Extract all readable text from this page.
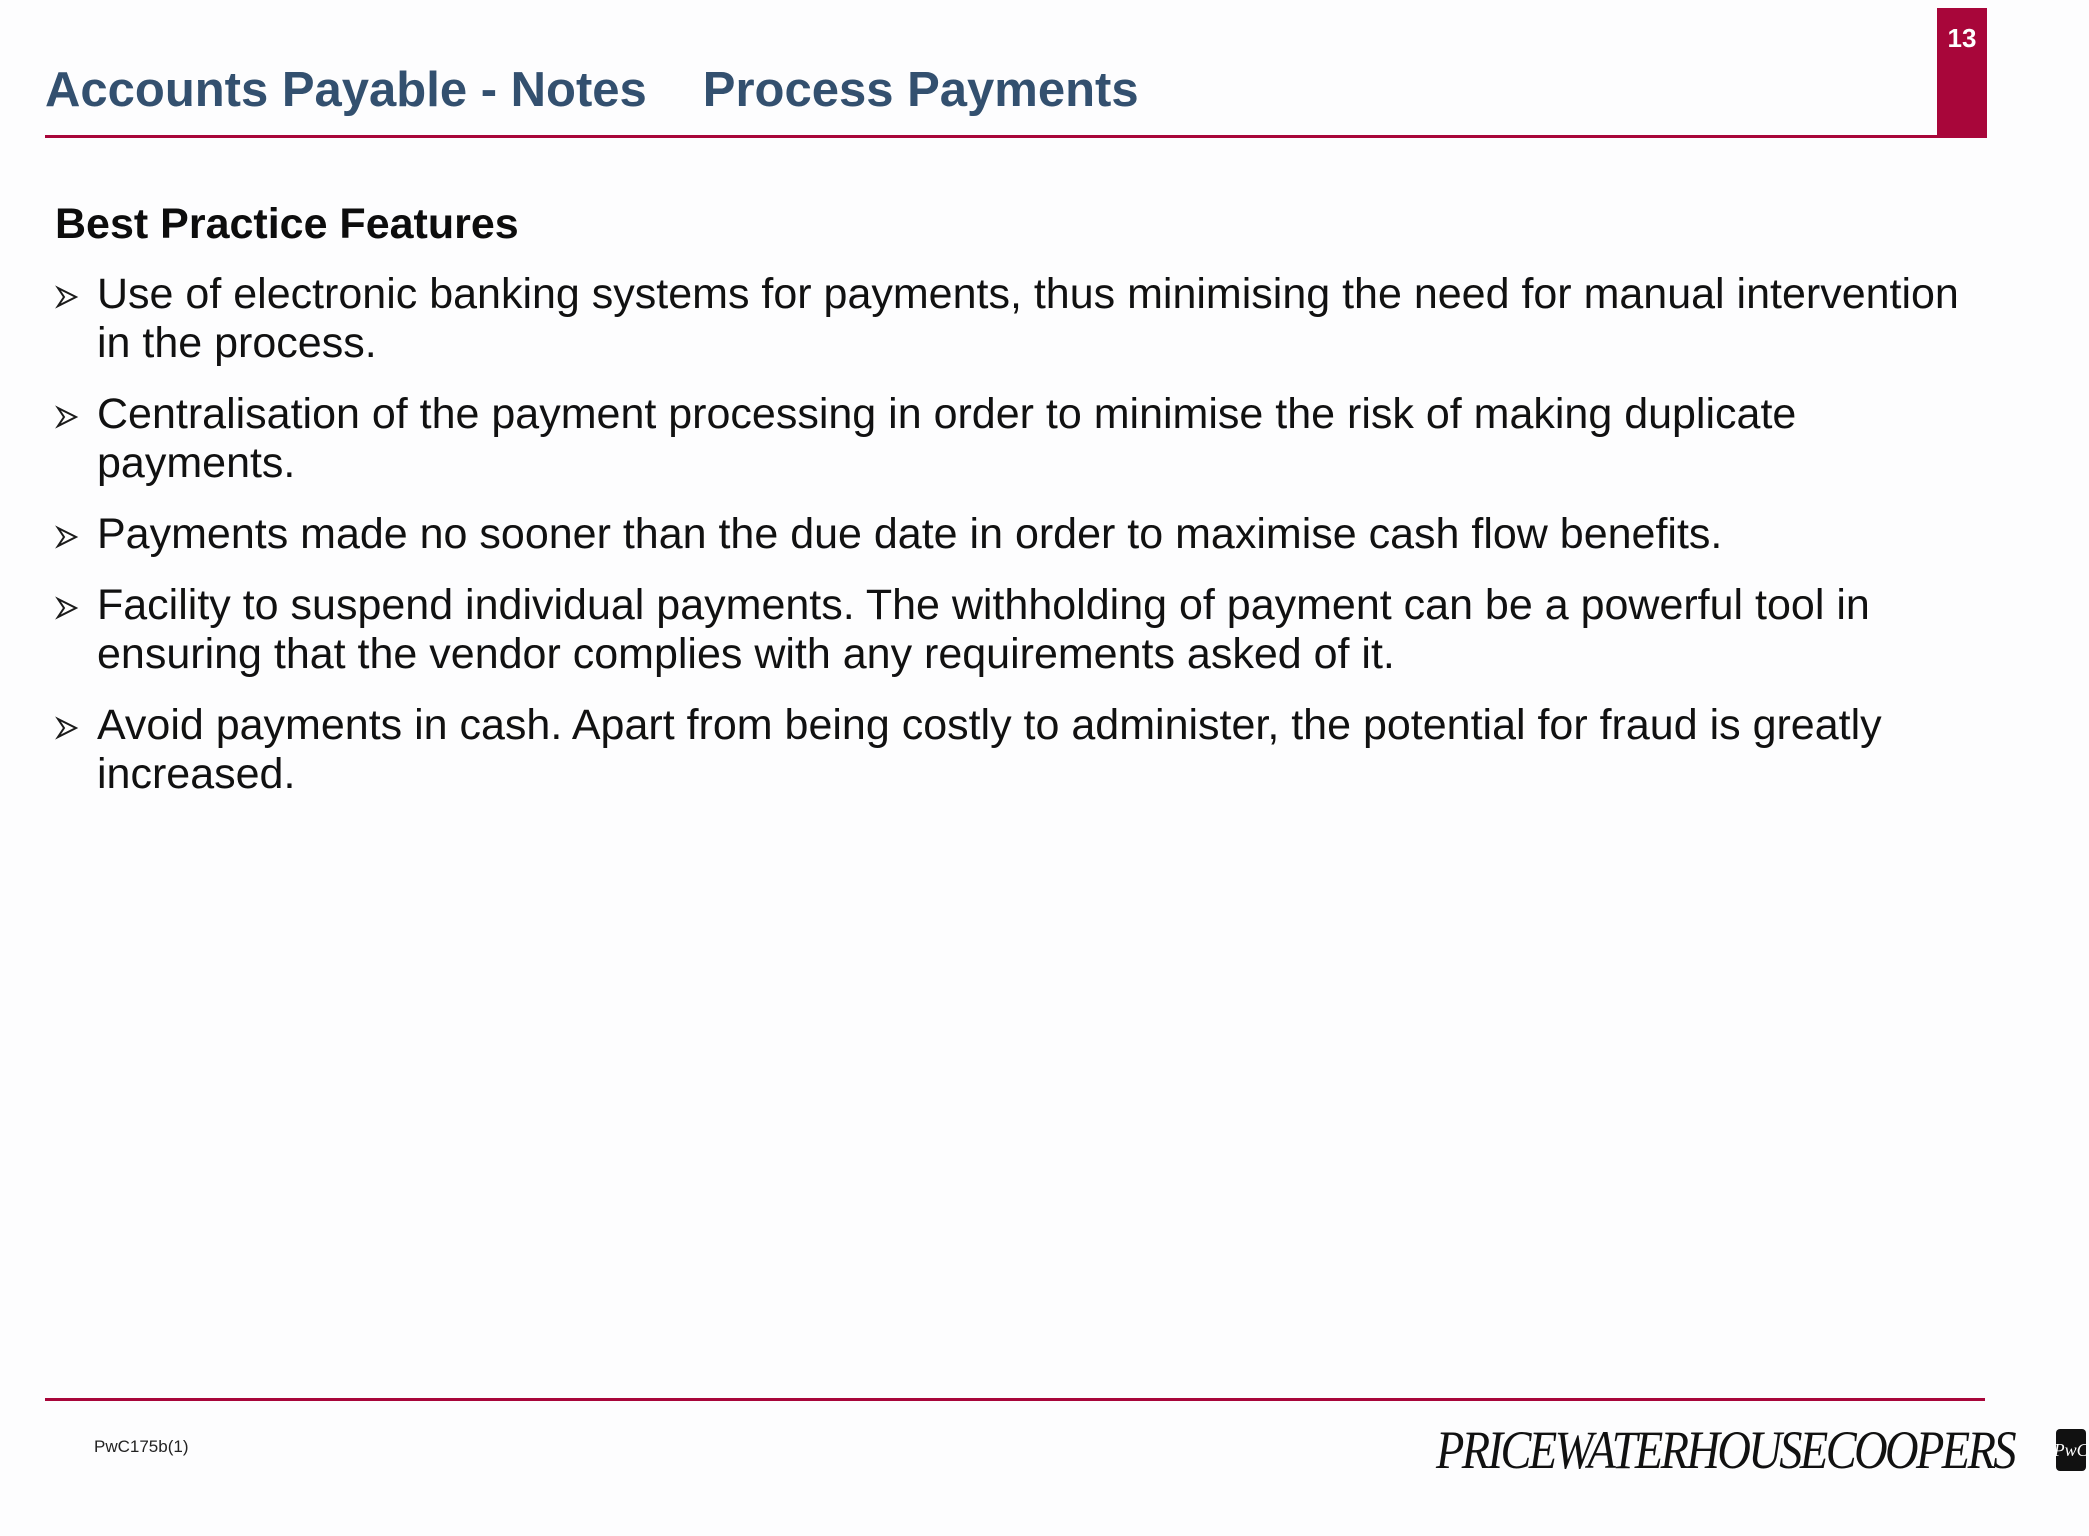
13
Accounts Payable - Notes Process Payments
Best Practice Features
Use of electronic banking systems for payments, thus minimising the need for manual intervention in the process.
Centralisation of the payment processing in order to minimise the risk of making duplicate payments.
Payments made no sooner than the due date in order to maximise cash flow benefits.
Facility to suspend individual payments. The withholding of payment can be a powerful tool in ensuring that the vendor complies with any requirements asked of it.
Avoid payments in cash. Apart from being costly to administer, the potential for fraud is greatly increased.
PwC175b(1)	PRICEWATERHOUSECOOPERS PwC
